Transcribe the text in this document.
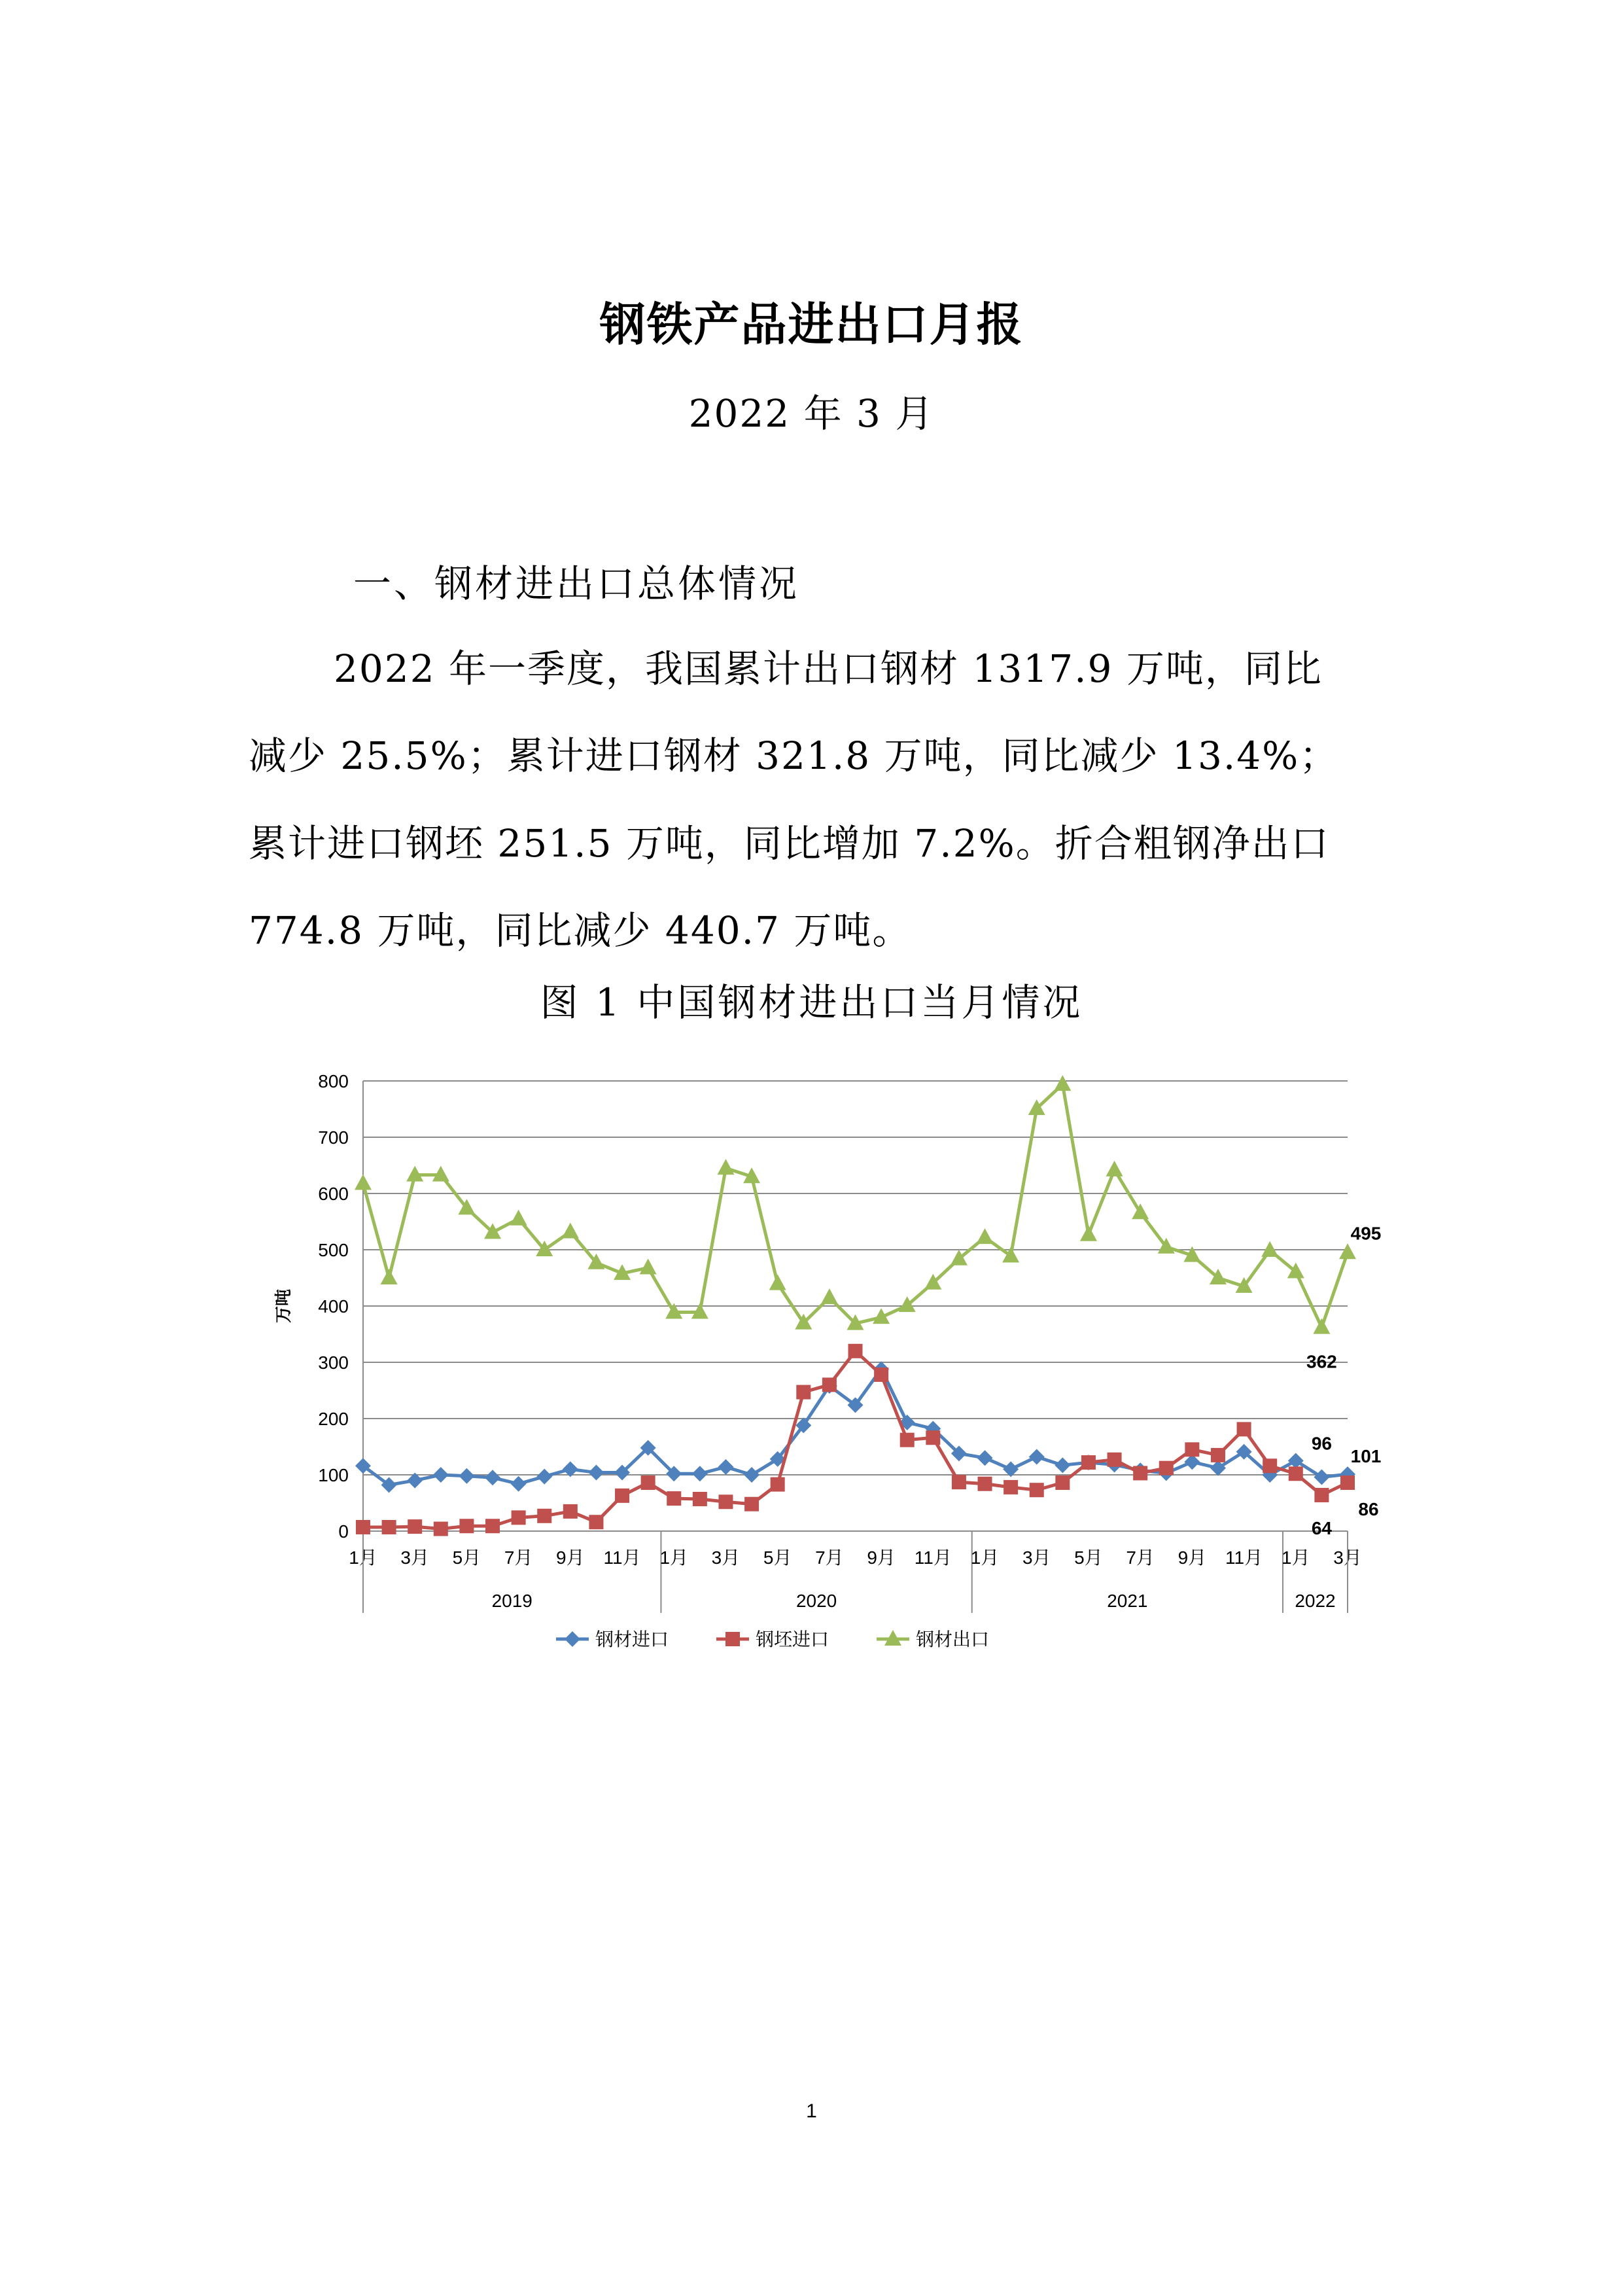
钢铁产品进出口月报
2022 年 3 月
一、钢材进出口总体情况
2022 年一季度，我国累计出口钢材 1317.9 万吨，同比
减少 25.5%；累计进口钢材 321.8 万吨，同比减少 13.4%；
累计进口钢坯 251.5 万吨，同比增加 7.2%。折合粗钢净出口
774.8 万吨，同比减少 440.7 万吨。
图 1 中国钢材进出口当月情况
0
100
200
300
400
500
600
700
800
万吨
1月 3月 5月 7月 9月 11月
2019
1月 3月 5月 7月 9月 11月
2020
1月 3月 5月 7月 9月 11月
2021
1月 3月
2022
96
101
64
86
362
495
钢材进口	钢坯进口	钢材出口
1
